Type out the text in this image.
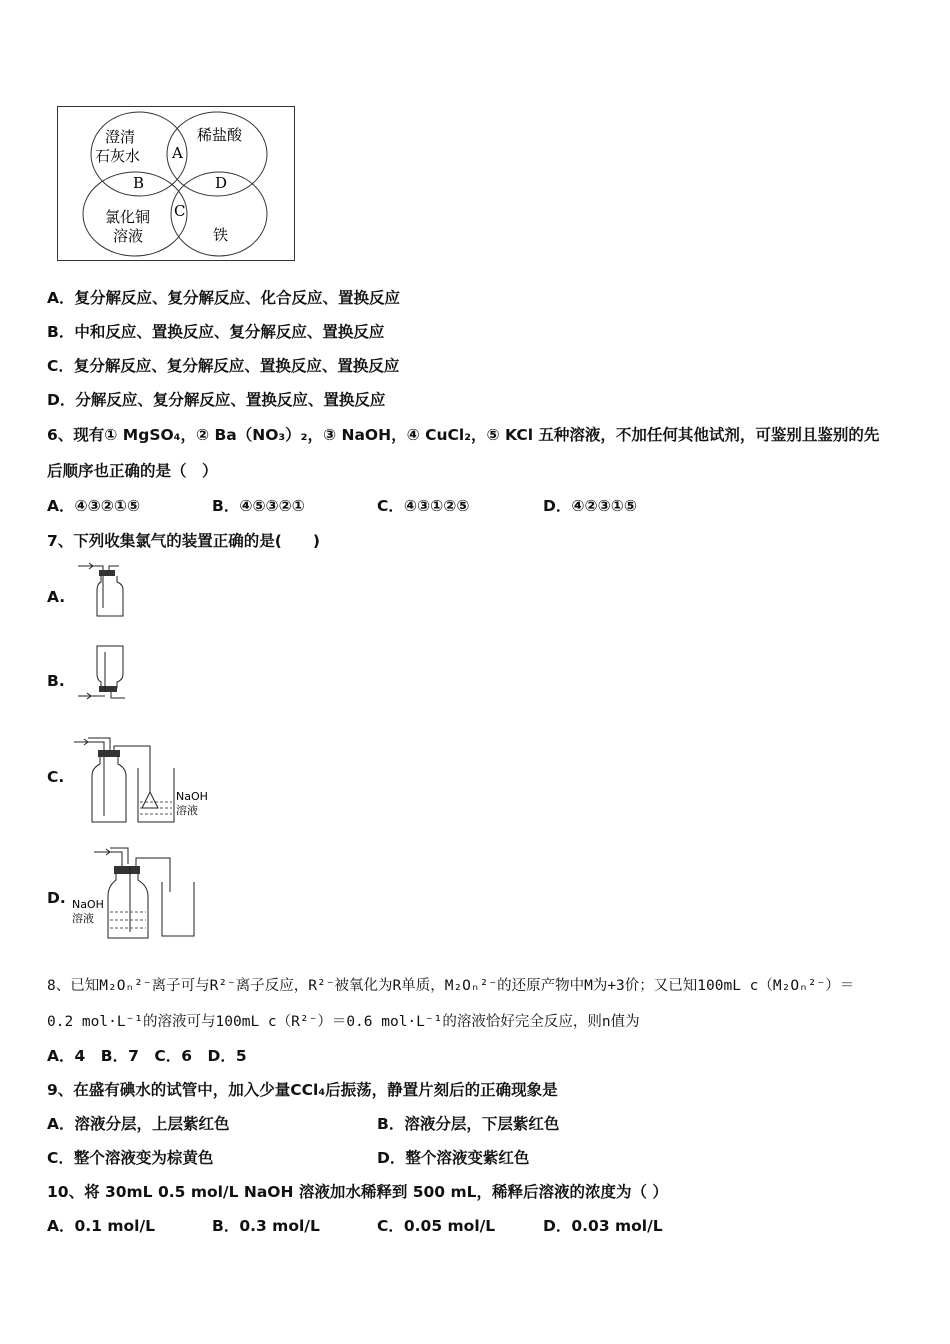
澄清
石灰水
稀盐酸
氯化铜
溶液	铁
A
B
C
D
A．复分解反应、复分解反应、化合反应、置换反应
B．中和反应、置换反应、复分解反应、置换反应
C．复分解反应、复分解反应、置换反应、置换反应
D．分解反应、复分解反应、置换反应、置换反应
6、现有① MgSO₄，② Ba（NO₃）₂，③ NaOH，④ CuCl₂，⑤ KCl 五种溶液，不加任何其他试剂，可鉴别且鉴别的先
后顺序也正确的是（　）
A．④③②①⑤	B．④⑤③②①	C．④③①②⑤	D．④②③①⑤
7、下列收集氯气的装置正确的是(　　)
A.
B.
C.
NaOH
溶液
D. NaOH
溶液
8、已知M₂Oₙ²⁻离子可与R²⁻离子反应，R²⁻被氧化为R单质，M₂Oₙ²⁻的还原产物中M为+3价；又已知100mL c（M₂Oₙ²⁻）＝
0.2 mol·L⁻¹的溶液可与100mL c（R²⁻）＝0.6 mol·L⁻¹的溶液恰好完全反应，则n值为
A．4　B．7　C．6　D．5
9、在盛有碘水的试管中，加入少量CCl₄后振荡，静置片刻后的正确现象是
A．溶液分层，上层紫红色	B．溶液分层，下层紫红色
C．整个溶液变为棕黄色	D．整个溶液变紫红色
10、将 30mL 0.5 mol/L NaOH 溶液加水稀释到 500 mL，稀释后溶液的浓度为（ ）
A．0.1 mol/L	B．0.3 mol/L	C．0.05 mol/L	D．0.03 mol/L
